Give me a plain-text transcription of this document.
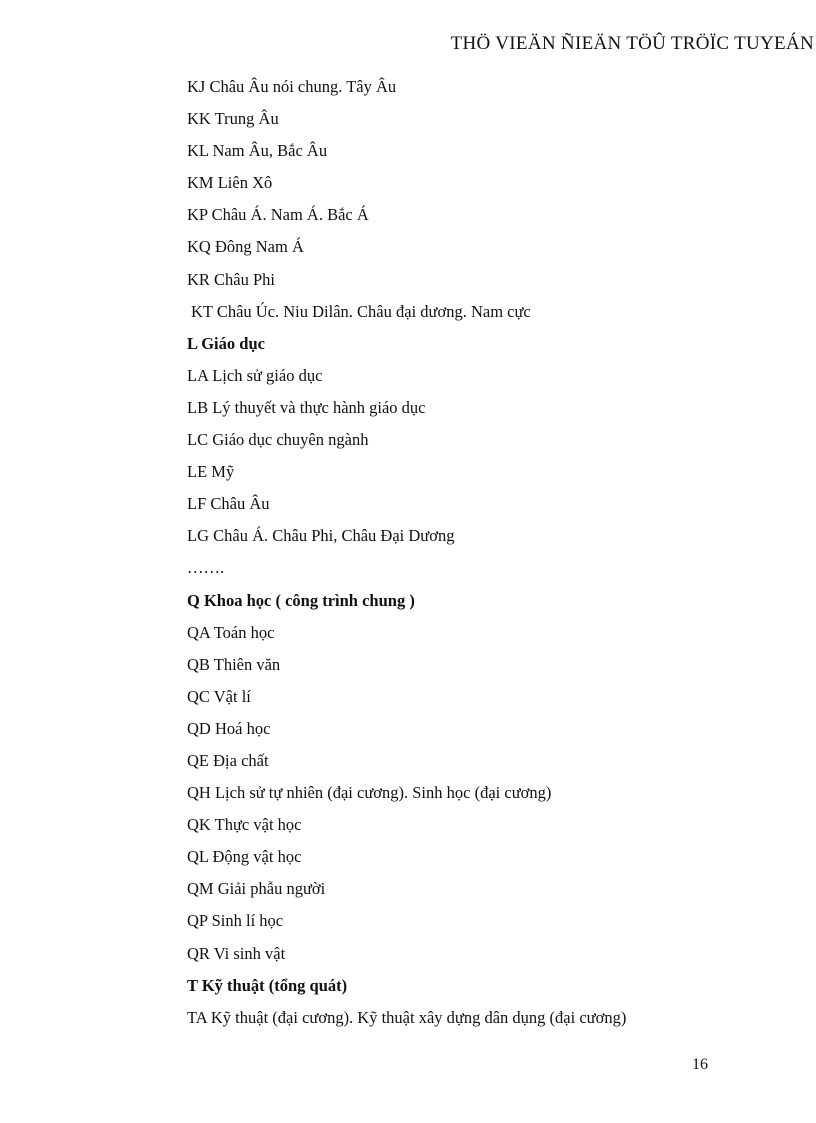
THÖ VIEÄN ÑIEÄN TÖÛ TRÖÏC TUYEÁN
KJ Châu Âu nói chung. Tây Âu
KK Trung Âu
KL Nam Âu, Bắc Âu
KM Liên Xô
KP Châu Á. Nam Á. Bắc Á
KQ Đông Nam Á
KR Châu Phi
KT Châu Úc. Niu Dilân. Châu đại dương. Nam cực
L Giáo dục
LA Lịch sử giáo dục
LB Lý thuyết và thực hành giáo dục
LC Giáo dục chuyên ngành
LE Mỹ
LF Châu Âu
LG Châu Á. Châu Phi, Châu Đại Dương
…….
Q Khoa học ( công trình chung )
QA Toán học
QB Thiên văn
QC Vật lí
QD Hoá học
QE Địa chất
QH Lịch sử tự nhiên (đại cương). Sinh học (đại cương)
QK Thực vật học
QL Động vật học
QM Giải phẫu người
QP Sinh lí học
QR Vi sinh vật
T Kỹ thuật (tổng quát)
TA Kỹ thuật (đại cương). Kỹ thuật xây dựng dân dụng (đại cương)
16
